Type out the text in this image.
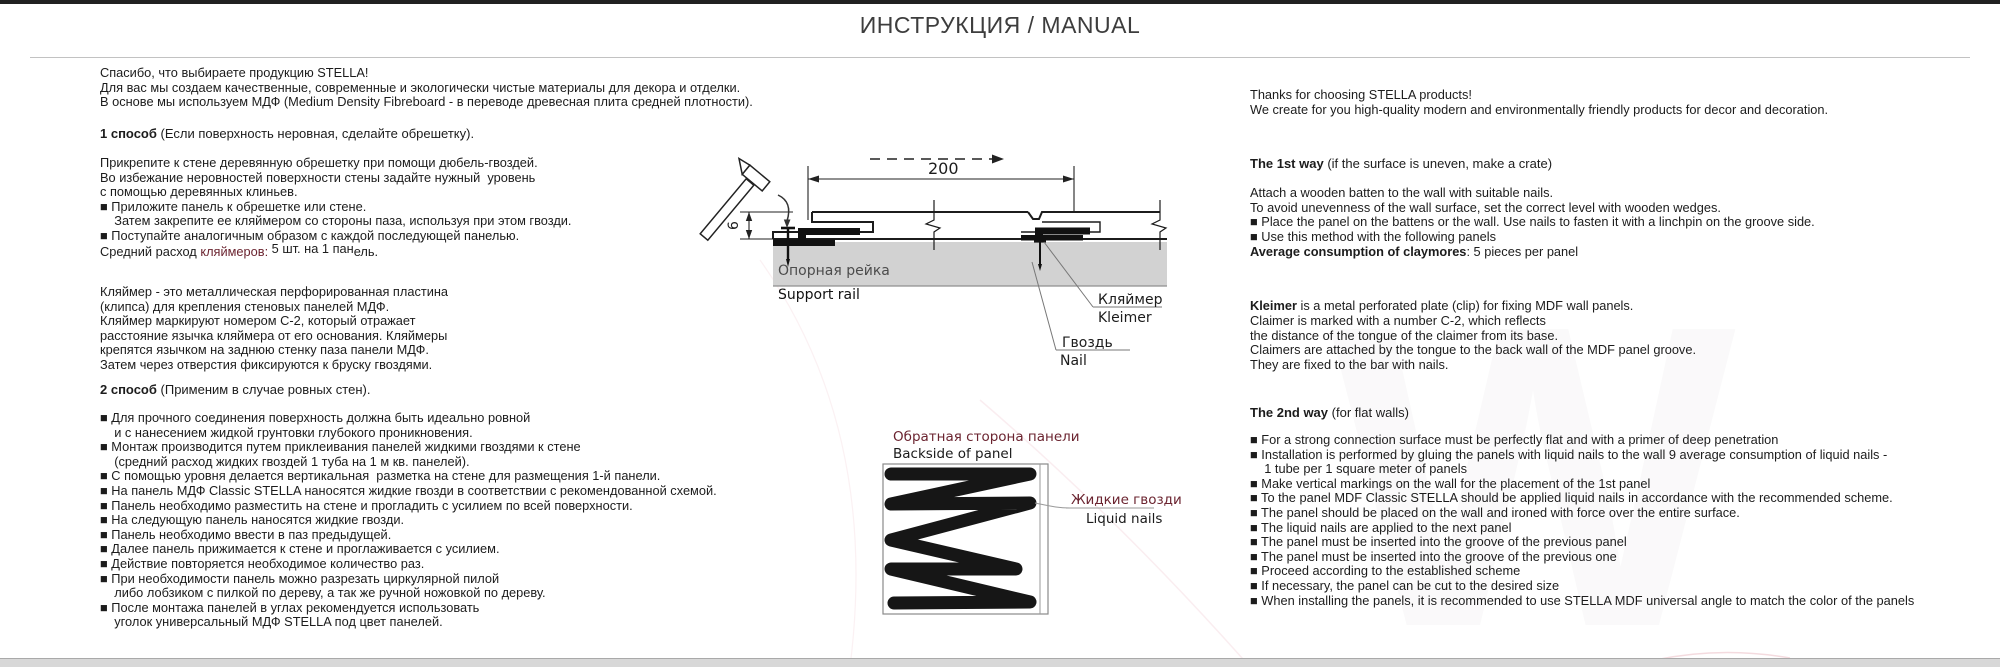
ИНСТРУКЦИЯ / MANUAL
Спасибо, что выбираете продукцию STELLA!
Для вас мы создаем качественные, современные и экологически чистые материалы для декора и отделки.
В основе мы используем МДФ (Medium Density Fibreboard - в переводе древесная плита средней плотности).
1 способ (Если поверхность неровная, сделайте обрешетку).
Прикрепите к стене деревянную обрешетку при помощи дюбель-гвоздей.
Во избежание неровностей поверхности стены задайте нужный  уровень
с помощью деревянных клиньев.
■ Приложите панель к обрешетке или стене.
Затем закрепите ее кляймером со стороны паза, используя при этом гвозди.
■ Поступайте аналогичным образом с каждой последующей панелью.
Средний расход кляймеров: 5 шт. на 1 панель.
Кляймер - это металлическая перфорированная пластина
(клипса) для крепления стеновых панелей МДФ.
Кляймер маркируют номером С-2, который отражает
расстояние язычка кляймера от его основания. Кляймеры
крепятся язычком на заднюю стенку паза панели МДФ.
Затем через отверстия фиксируются к бруску гвоздями.
2 способ (Применим в случае ровных стен).
■ Для прочного соединения поверхность должна быть идеально ровной
и с нанесением жидкой грунтовки глубокого проникновения.
■ Монтаж производится путем приклеивания панелей жидкими гвоздями к стене
(средний расход жидких гвоздей 1 туба на 1 м кв. панелей).
■ С помощью уровня делается вертикальная  разметка на стене для размещения 1-й панели.
■ На панель МДФ Classic STELLA наносятся жидкие гвозди в соответствии с рекомендованной схемой.
■ Панель необходимо разместить на стене и прогладить с усилием по всей поверхности.
■ На следующую панель наносятся жидкие гвозди.
■ Панель необходимо ввести в паз предыдущей.
■ Далее панель прижимается к стене и проглаживается с усилием.
■ Действие повторяется необходимое количество раз.
■ При необходимости панель можно разрезать циркулярной пилой
либо лобзиком с пилкой по дереву, а так же ручной ножовкой по дереву.
■ После монтажа панелей в углах рекомендуется использовать
уголок универсальный МДФ STELLA под цвет панелей.
Thanks for choosing STELLA products!
We create for you high-quality modern and environmentally friendly products for decor and decoration.
The 1st way (if the surface is uneven, make a crate)
Attach a wooden batten to the wall with suitable nails.
To avoid unevenness of the wall surface, set the correct level with wooden wedges.
■ Place the panel on the battens or the wall. Use nails to fasten it with a linchpin on the groove side.
■ Use this method with the following panels
Average consumption of claymores: 5 pieces per panel
Kleimer is a metal perforated plate (clip) for fixing MDF wall panels.
Claimer is marked with a number C-2, which reflects
the distance of the tongue of the claimer from its base.
Claimers are attached by the tongue to the back wall of the MDF panel groove.
They are fixed to the bar with nails.
The 2nd way (for flat walls)
■ For a strong connection surface must be perfectly flat and with a primer of deep penetration
■ Installation is performed by gluing the panels with liquid nails to the wall 9 average consumption of liquid nails -
1 tube per 1 square meter of panels
■ Make vertical markings on the wall for the placement of the 1st panel
■ To the panel MDF Classic STELLA should be applied liquid nails in accordance with the recommended scheme.
■ The panel should be placed on the wall and ironed with force over the entire surface.
■ The liquid nails are applied to the next panel
■ The panel must be inserted into the groove of the previous panel
■ The panel must be inserted into the groove of the previous one
■ Proceed according to the established scheme
■ If necessary, the panel can be cut to the desired size
■ When installing the panels, it is recommended to use STELLA MDF universal angle to match the color of the panels
200
6
Кляймер
Kleimer
Гвоздь
Nail
Опорная рейка
Support rail
Обратная сторона панели
Backside of panel
Жидкие гвозди
Liquid nails
